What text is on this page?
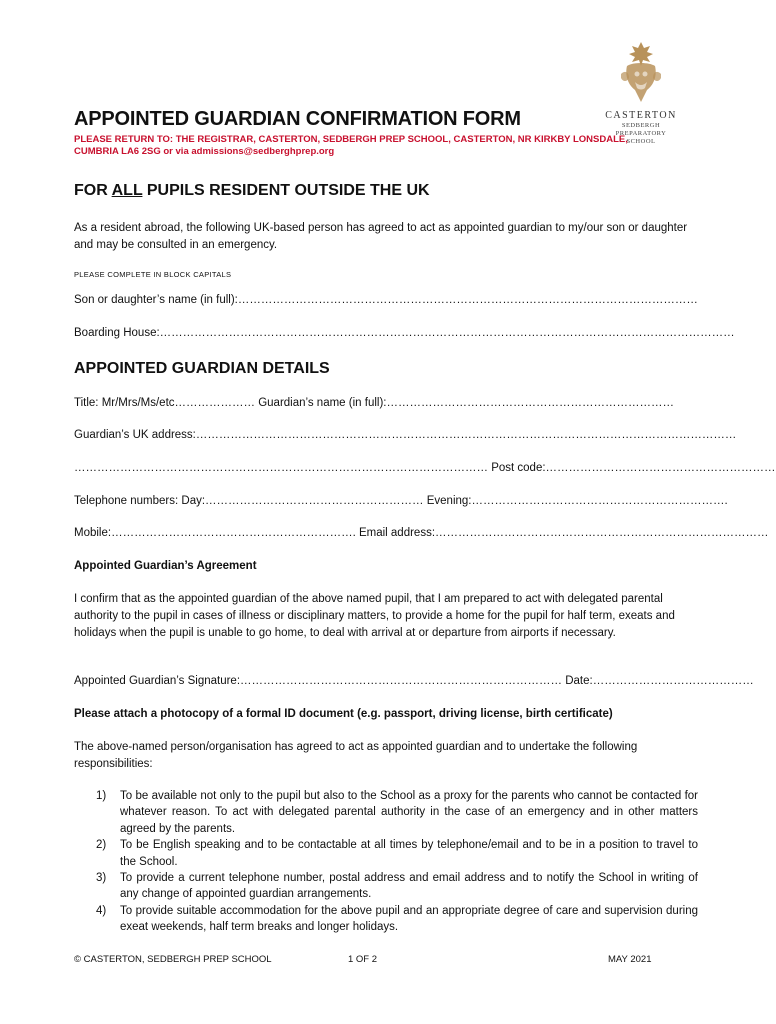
CASTERTON
SEDBERGH PREPARATORY
SCHOOL
APPOINTED GUARDIAN CONFIRMATION FORM
PLEASE RETURN TO: THE REGISTRAR, CASTERTON, SEDBERGH PREP SCHOOL, CASTERTON, NR KIRKBY LONSDALE,
CUMBRIA LA6 2SG or via admissions@sedberghprep.org
FOR ALL PUPILS RESIDENT OUTSIDE THE UK
As a resident abroad, the following UK-based person has agreed to act as appointed guardian to my/our son or daughter and may be consulted in an emergency.
PLEASE COMPLETE IN BLOCK CAPITALS
Son or daughter’s name (in full):…………………………………………………………………………………………………………
Boarding House:……………………………………………………………………………………………………………………………………
APPOINTED GUARDIAN DETAILS
Title: Mr/Mrs/Ms/etc………………… Guardian’s name (in full):…………………………………………………………………
Guardian’s UK address:……………………………………………………………………………………………………………………………
……………………………………………………………………………………………… Post code:……………………………………………………
Telephone numbers: Day:………………………………………………… Evening:………………………………………………………….
Mobile:………………………………………………………. Email address:……………………………………………………………………………
Appointed Guardian’s Agreement
I confirm that as the appointed guardian of the above named pupil, that I am prepared to act with delegated parental authority to the pupil in cases of illness or disciplinary matters, to provide a home for the pupil for half term, exeats and holidays when the pupil is unable to go home, to deal with arrival at or departure from airports if necessary.
Appointed Guardian’s Signature:………………………………………………………………………… Date:……………………………………
Please attach a photocopy of a formal ID document (e.g. passport, driving license, birth certificate)
The above-named person/organisation has agreed to act as appointed guardian and to undertake the following responsibilities:
1) To be available not only to the pupil but also to the School as a proxy for the parents who cannot be contacted for whatever reason. To act with delegated parental authority in the case of an emergency and in other matters agreed by the parents.
2) To be English speaking and to be contactable at all times by telephone/email and to be in a position to travel to the School.
3) To provide a current telephone number, postal address and email address and to notify the School in writing of any change of appointed guardian arrangements.
4) To provide suitable accommodation for the above pupil and an appropriate degree of care and supervision during exeat weekends, half term breaks and longer holidays.
© CASTERTON, SEDBERGH PREP SCHOOL	1 OF 2	MAY 2021
